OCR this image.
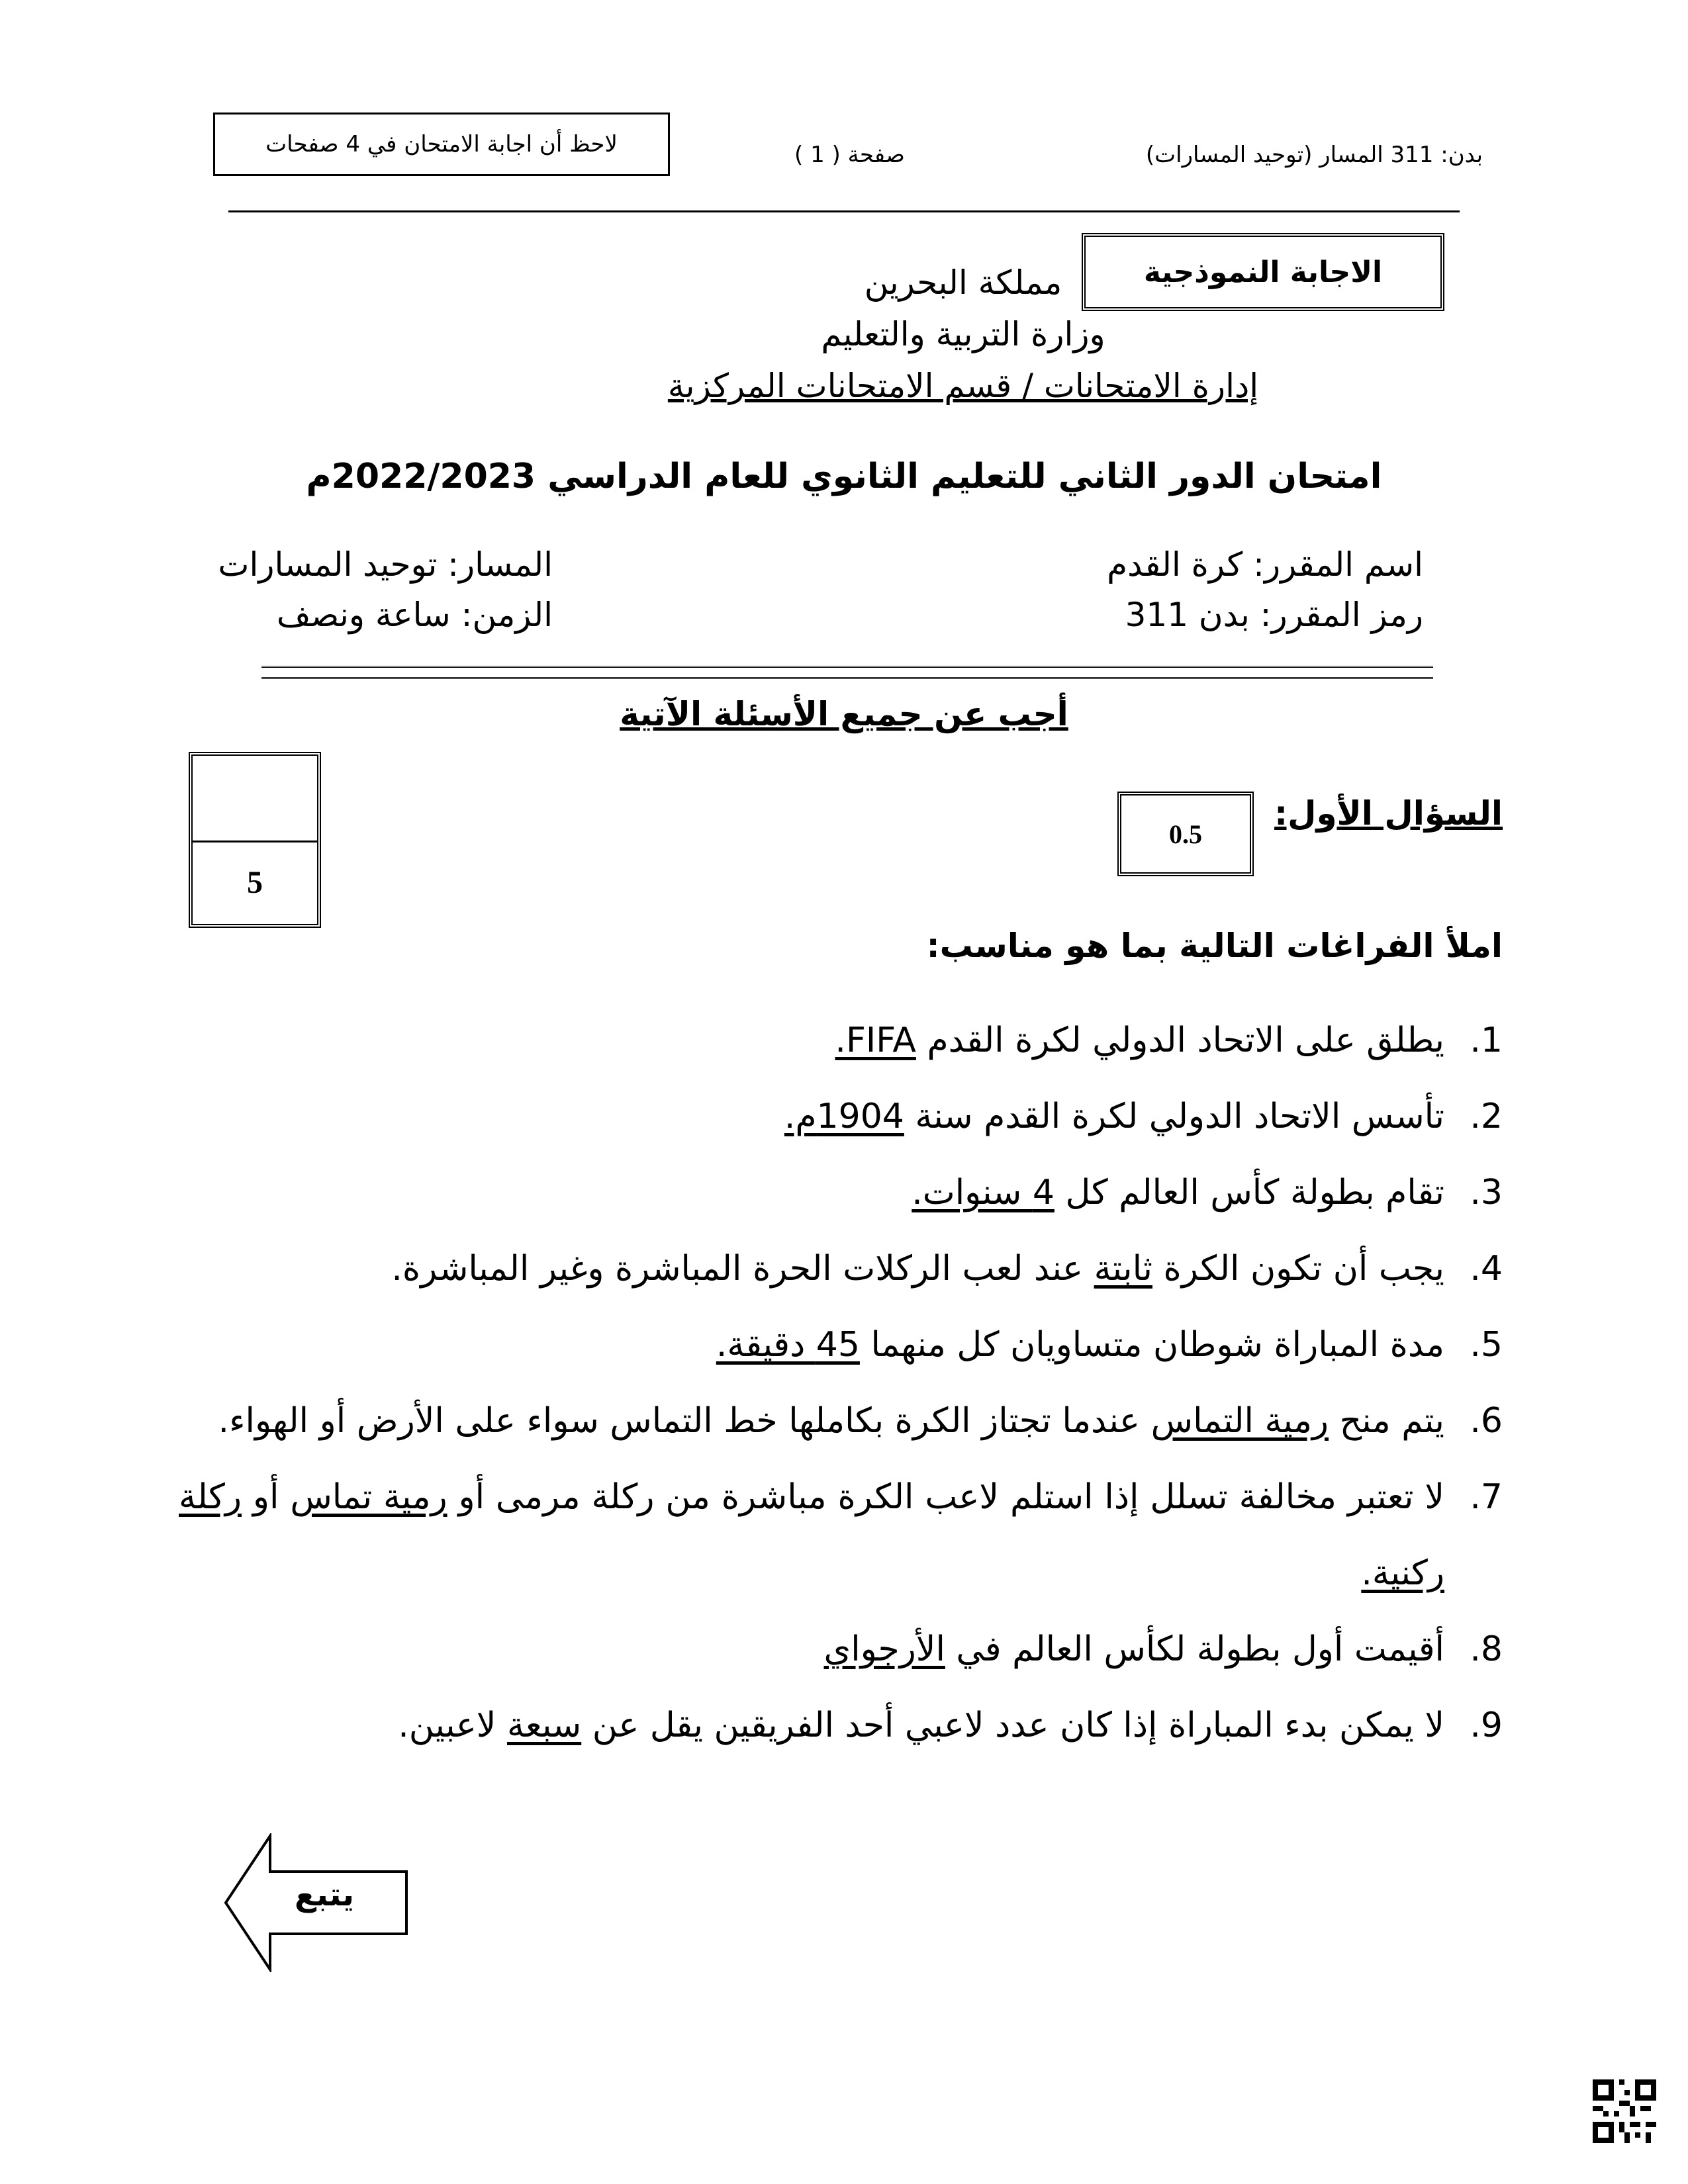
بدن: 311 المسار (توحيد المسارات)
صفحة ( 1 )
لاحظ أن اجابة الامتحان في 4 صفحات
الاجابة النموذجية
مملكة البحرين
وزارة التربية والتعليم
إدارة الامتحانات / قسم الامتحانات المركزية
امتحان الدور الثاني للتعليم الثانوي للعام الدراسي 2022/2023م
اسم المقرر: كرة القدم
رمز المقرر: بدن 311
المسار: توحيد المسارات
الزمن: ساعة ونصف
أجب عن جميع الأسئلة الآتية
5
السؤال الأول:
0.5
املأ الفراغات التالية بما هو مناسب:
1.
يطلق على الاتحاد الدولي لكرة القدم FIFA.
2.
تأسس الاتحاد الدولي لكرة القدم سنة 1904م.
3.
تقام بطولة كأس العالم كل 4 سنوات.
4.
يجب أن تكون الكرة ثابتة عند لعب الركلات الحرة المباشرة وغير المباشرة.
5.
مدة المباراة شوطان متساويان كل منهما 45 دقيقة.
6.
يتم منح رمية التماس عندما تجتاز الكرة بكاملها خط التماس سواء على الأرض أو الهواء.
7.
لا تعتبر مخالفة تسلل إذا استلم لاعب الكرة مباشرة من ركلة مرمى أو رمية تماس أو ركلة ركنية.
8.
أقيمت أول بطولة لكأس العالم في الأرجواي
9.
لا يمكن بدء المباراة إذا كان عدد لاعبي أحد الفريقين يقل عن سبعة لاعبين.
يتبع
